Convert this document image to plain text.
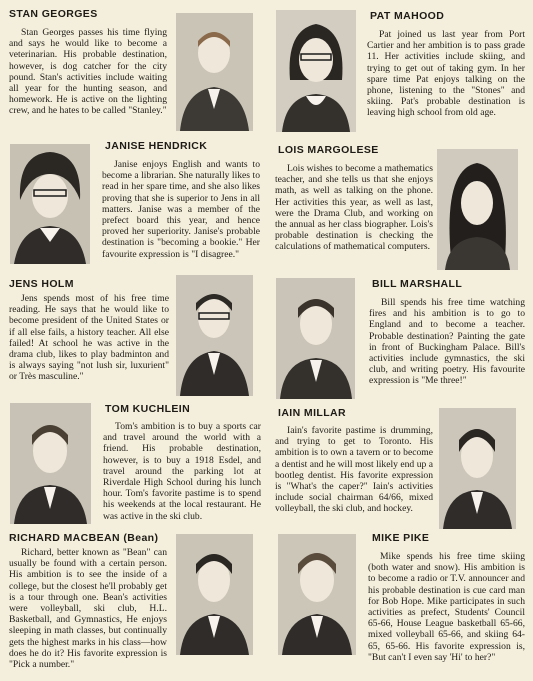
STAN GEORGES

Stan Georges passes his time flying and says he would like to become a veterinarian. His probable destination, however, is dog catcher for the city pound. Stan's activities include waiting all year for the hunting season, and homework. He is active on the lighting crew, and he hates to be called "Stanley."

PAT MAHOOD

Pat joined us last year from Port Cartier and her ambition is to pass grade 11. Her activities include skiing, and trying to get out of taking gym. In her spare time Pat enjoys talking on the phone, listening to the "Stones" and skiing. Pat's probable destination is leaving high school from old age.

JANISE HENDRICK

Janise enjoys English and wants to become a librarian. She naturally likes to read in her spare time, and she also likes proving that she is superior to Jens in all matters. Janise was a member of the prefect board this year, and hence proved her superiority. Janise's probable destination is "becoming a bookie." Her favourite expression is "I disagree."

LOIS MARGOLESE

Lois wishes to become a mathematics teacher, and she tells us that she enjoys math, as well as talking on the phone. Her activities this year, as well as last, were the Drama Club, and working on the annual as her class biographer. Lois's probable destination is checking the calculations of mathematical computers.

JENS HOLM

Jens spends most of his free time reading. He says that he would like to become president of the United States or if all else fails, a history teacher. All else failed! At school he was active in the drama club, likes to play badminton and is always saying "not lush sir, luxurient" or Très masculine."

BILL MARSHALL

Bill spends his free time watching fires and his ambition is to go to England and to become a teacher. Probable destination? Painting the gate in front of Buckingham Palace. Bill's activities include gymnastics, the ski club, and writing poetry. His favourite expression is "Me three!"

TOM KUCHLEIN

Tom's ambition is to buy a sports car and travel around the world with a friend. His probable destination, however, is to buy a 1918 Esdel, and travel around the parking lot at Riverdale High School during his lunch hour. Tom's favorite pastime is to spend his weekends at the local restaurant. He was active in the ski club.

IAIN MILLAR

Iain's favorite pastime is drumming, and trying to get to Toronto. His ambition is to own a tavern or to become a dentist and he will most likely end up a bootleg dentist. His favorite expression is "What's the caper?" Iain's activities include social chairman 64/66, mixed volleyball, the ski club, and hockey.

RICHARD MACBEAN (Bean)

Richard, better known as "Bean" can usually be found with a certain person. His ambition is to see the inside of a college, but the closest he'll probably get is a tour through one. Bean's activities were volleyball, ski club, H.L. Basketball, and Gymnastics, He enjoys sleeping in math classes, but continually gets the highest marks in his class—how does he do it? His favorite expression is "Pick a number."

MIKE PIKE

Mike spends his free time skiing (both water and snow). His ambition is to become a radio or T.V. announcer and his probable destination is cue card man for Bob Hope. Mike participates in such activities as prefect, Students' Council 65-66, House League basketball 65-66, mixed volleyball 65-66, and skiing 64-65, 65-66. His favorite expression is, "But can't I even say 'Hi' to her?"
